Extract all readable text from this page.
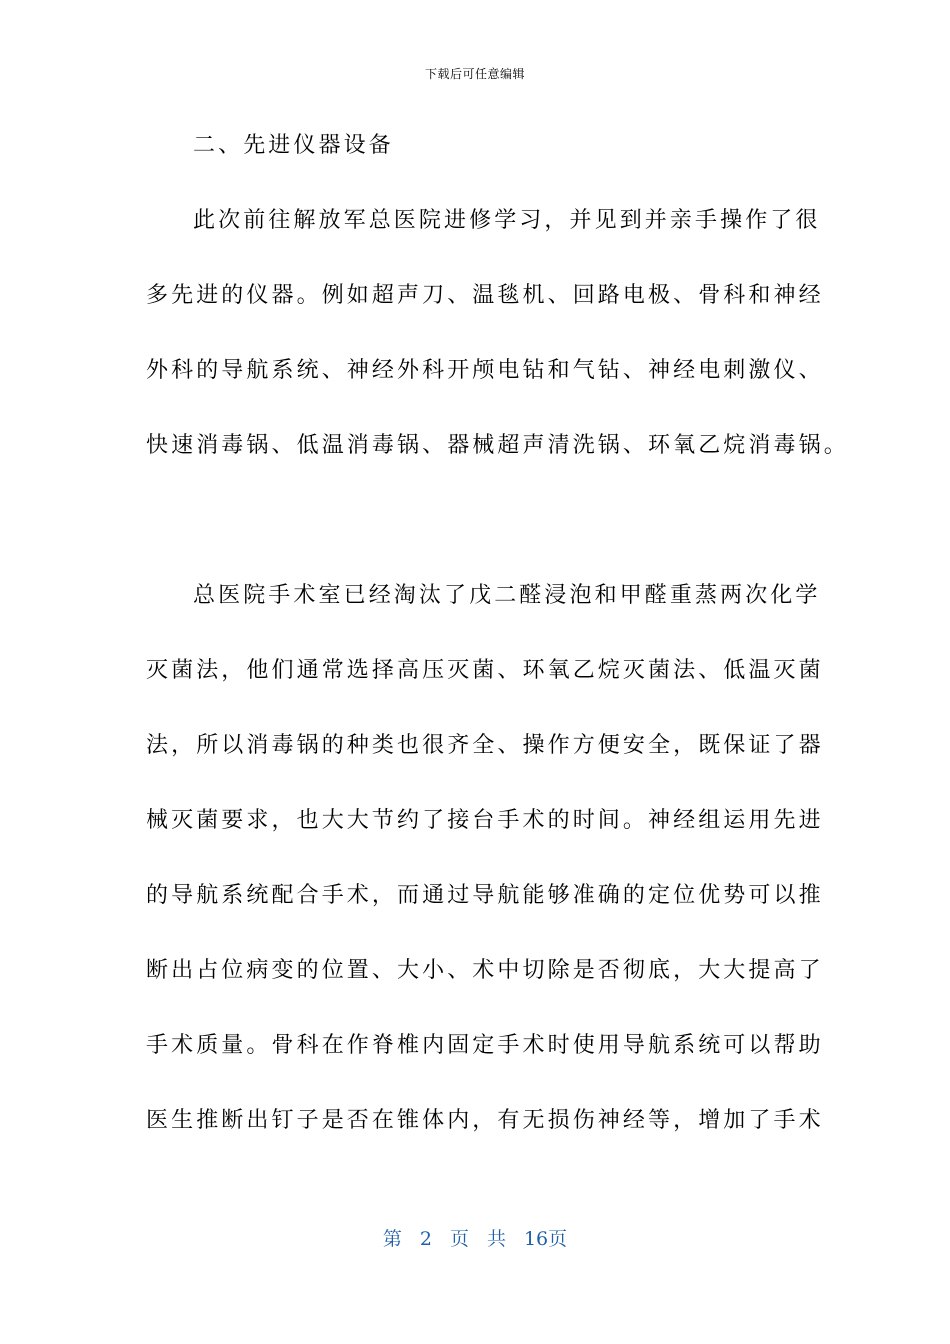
下载后可任意编辑
二、先进仪器设备
此次前往解放军总医院进修学习，并见到并亲手操作了很
多先进的仪器。例如超声刀、温毯机、回路电极、骨科和神经
外科的导航系统、神经外科开颅电钻和气钻、神经电刺激仪、
快速消毒锅、低温消毒锅、器械超声清洗锅、环氧乙烷消毒锅。
总医院手术室已经淘汰了戊二醛浸泡和甲醛重蒸两次化学
灭菌法，他们通常选择高压灭菌、环氧乙烷灭菌法、低温灭菌
法，所以消毒锅的种类也很齐全、操作方便安全，既保证了器
械灭菌要求，也大大节约了接台手术的时间。神经组运用先进
的导航系统配合手术，而通过导航能够准确的定位优势可以推
断出占位病变的位置、大小、术中切除是否彻底，大大提高了
手术质量。骨科在作脊椎内固定手术时使用导航系统可以帮助
医生推断出钉子是否在锥体内，有无损伤神经等，增加了手术
第 2 页 共 16页
